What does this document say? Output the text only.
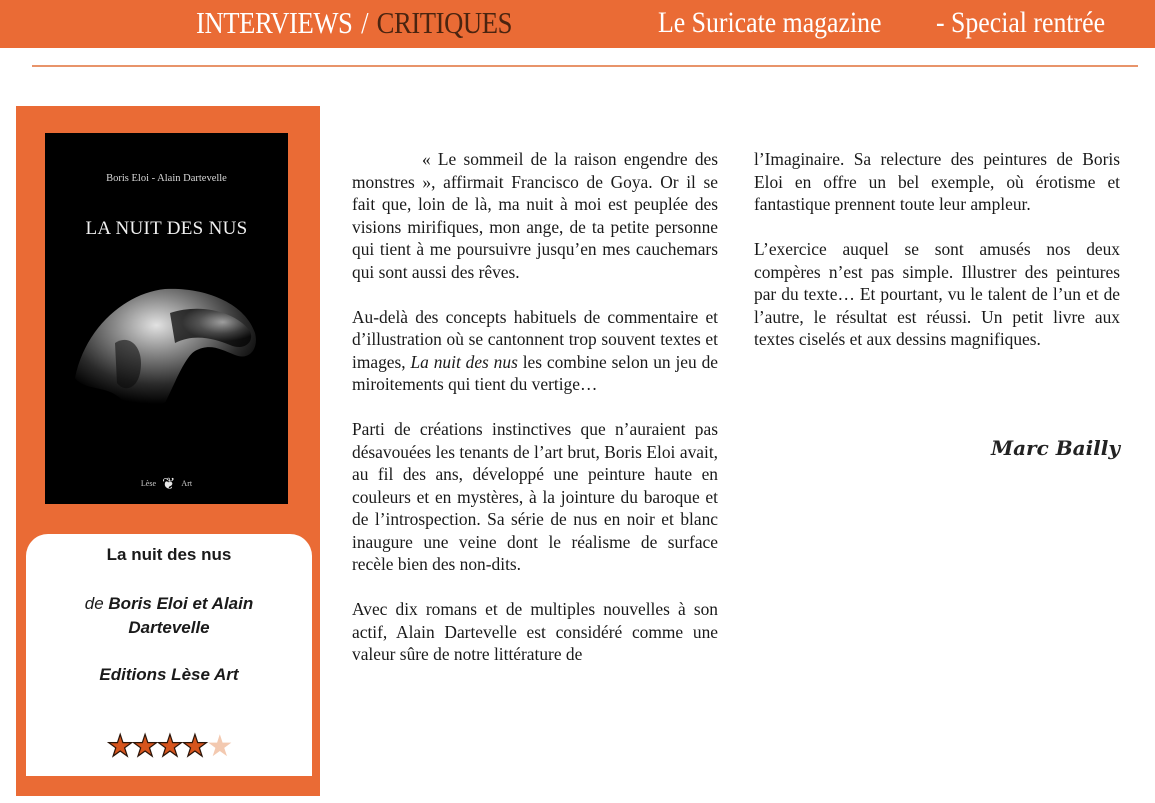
INTERVIEWS / CRITIQUES	Le Suricate magazine - Special rentrée
Boris Eloi - Alain Dartevelle
LA NUIT DES NUS
Lèse ❦ Art
La nuit des nus
de Boris Eloi et Alain Dartevelle
Editions Lèse Art
★★★★★

« Le sommeil de la raison engendre des monstres », affirmait Francisco de Goya. Or il se fait que, loin de là, ma nuit à moi est peuplée des visions mirifiques, mon ange, de ta petite personne qui tient à me poursuivre jusqu’en mes cauchemars qui sont aussi des rêves.

Au-delà des concepts habituels de commentaire et d’illustration où se cantonnent trop souvent textes et images, La nuit des nus les combine selon un jeu de miroitements qui tient du vertige…

Parti de créations instinctives que n’auraient pas désavouées les tenants de l’art brut, Boris Eloi avait, au fil des ans, développé une peinture haute en couleurs et en mystères, à la jointure du baroque et de l’introspection. Sa série de nus en noir et blanc inaugure une veine dont le réalisme de surface recèle bien des non-dits.

Avec dix romans et de multiples nouvelles à son actif, Alain Dartevelle est considéré comme une valeur sûre de notre littérature de

l’Imaginaire. Sa relecture des peintures de Boris Eloi en offre un bel exemple, où érotisme et fantastique prennent toute leur ampleur.

L’exercice auquel se sont amusés nos deux compères n’est pas simple. Illustrer des peintures par du texte… Et pourtant, vu le talent de l’un et de l’autre, le résultat est réussi. Un petit livre aux textes ciselés et aux dessins magnifiques.

Marc Bailly
